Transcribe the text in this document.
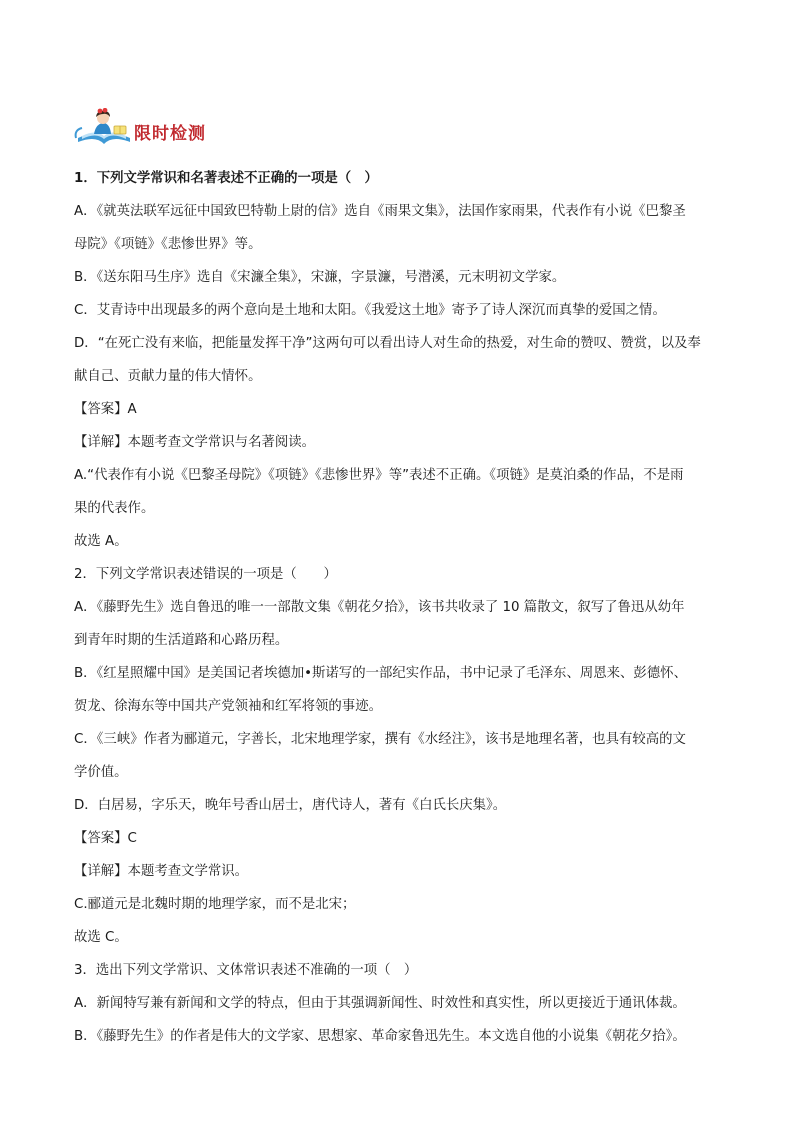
限时检测
1．下列文学常识和名著表述不正确的一项是（　）
A．《就英法联军远征中国致巴特勒上尉的信》选自《雨果文集》，法国作家雨果，代表作有小说《巴黎圣
母院》《项链》《悲惨世界》等。
B．《送东阳马生序》选自《宋濂全集》，宋濂，字景濂，号潜溪，元末明初文学家。
C．艾青诗中出现最多的两个意向是土地和太阳。《我爱这土地》寄予了诗人深沉而真挚的爱国之情。
D．“在死亡没有来临，把能量发挥干净”这两句可以看出诗人对生命的热爱，对生命的赞叹、赞赏，以及奉
献自己、贡献力量的伟大情怀。
【答案】A
【详解】本题考查文学常识与名著阅读。
A.“代表作有小说《巴黎圣母院》《项链》《悲惨世界》等”表述不正确。《项链》是莫泊桑的作品，不是雨
果的代表作。
故选 A。
2．下列文学常识表述错误的一项是（　　）
A．《藤野先生》选自鲁迅的唯一一部散文集《朝花夕拾》，该书共收录了 10 篇散文，叙写了鲁迅从幼年
到青年时期的生活道路和心路历程。
B．《红星照耀中国》是美国记者埃德加•斯诺写的一部纪实作品，书中记录了毛泽东、周恩来、彭德怀、
贺龙、徐海东等中国共产党领袖和红军将领的事迹。
C．《三峡》作者为郦道元，字善长，北宋地理学家，撰有《水经注》，该书是地理名著，也具有较高的文
学价值。
D．白居易，字乐天，晚年号香山居士，唐代诗人，著有《白氏长庆集》。
【答案】C
【详解】本题考查文学常识。
C.郦道元是北魏时期的地理学家，而不是北宋；
故选 C。
3．选出下列文学常识、文体常识表述不准确的一项（　）
A．新闻特写兼有新闻和文学的特点，但由于其强调新闻性、时效性和真实性，所以更接近于通讯体裁。
B．《藤野先生》的作者是伟大的文学家、思想家、革命家鲁迅先生。本文选自他的小说集《朝花夕拾》。
